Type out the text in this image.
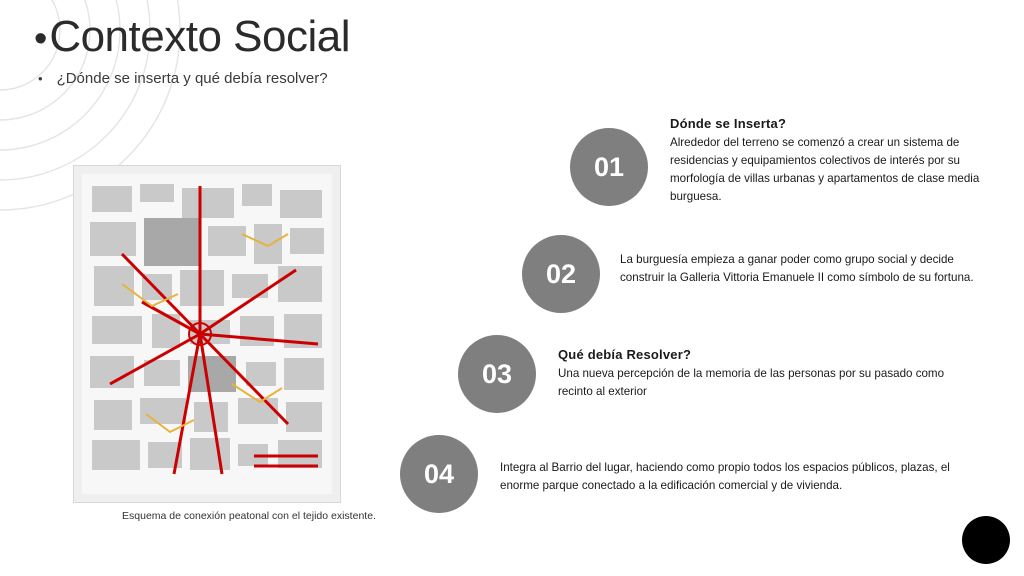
• Contexto Social
• ¿Dónde se inserta y qué debía resolver?
Esquema de conexión peatonal con el tejido existente.
01
Dónde se Inserta?
Alrededor del terreno se comenzó a crear un sistema de residencias y equipamientos colectivos de interés por su morfología de villas urbanas y apartamentos de clase media burguesa.
02	La burguesía empieza a ganar poder como grupo social y decide construir la Galleria Vittoria Emanuele II como símbolo de su fortuna.
03
Qué debía Resolver?
Una nueva percepción de la memoria de las personas por su pasado como recinto al exterior
04	Integra al Barrio del lugar, haciendo como propio todos los espacios públicos, plazas, el enorme parque conectado a la edificación comercial y de vivienda.
